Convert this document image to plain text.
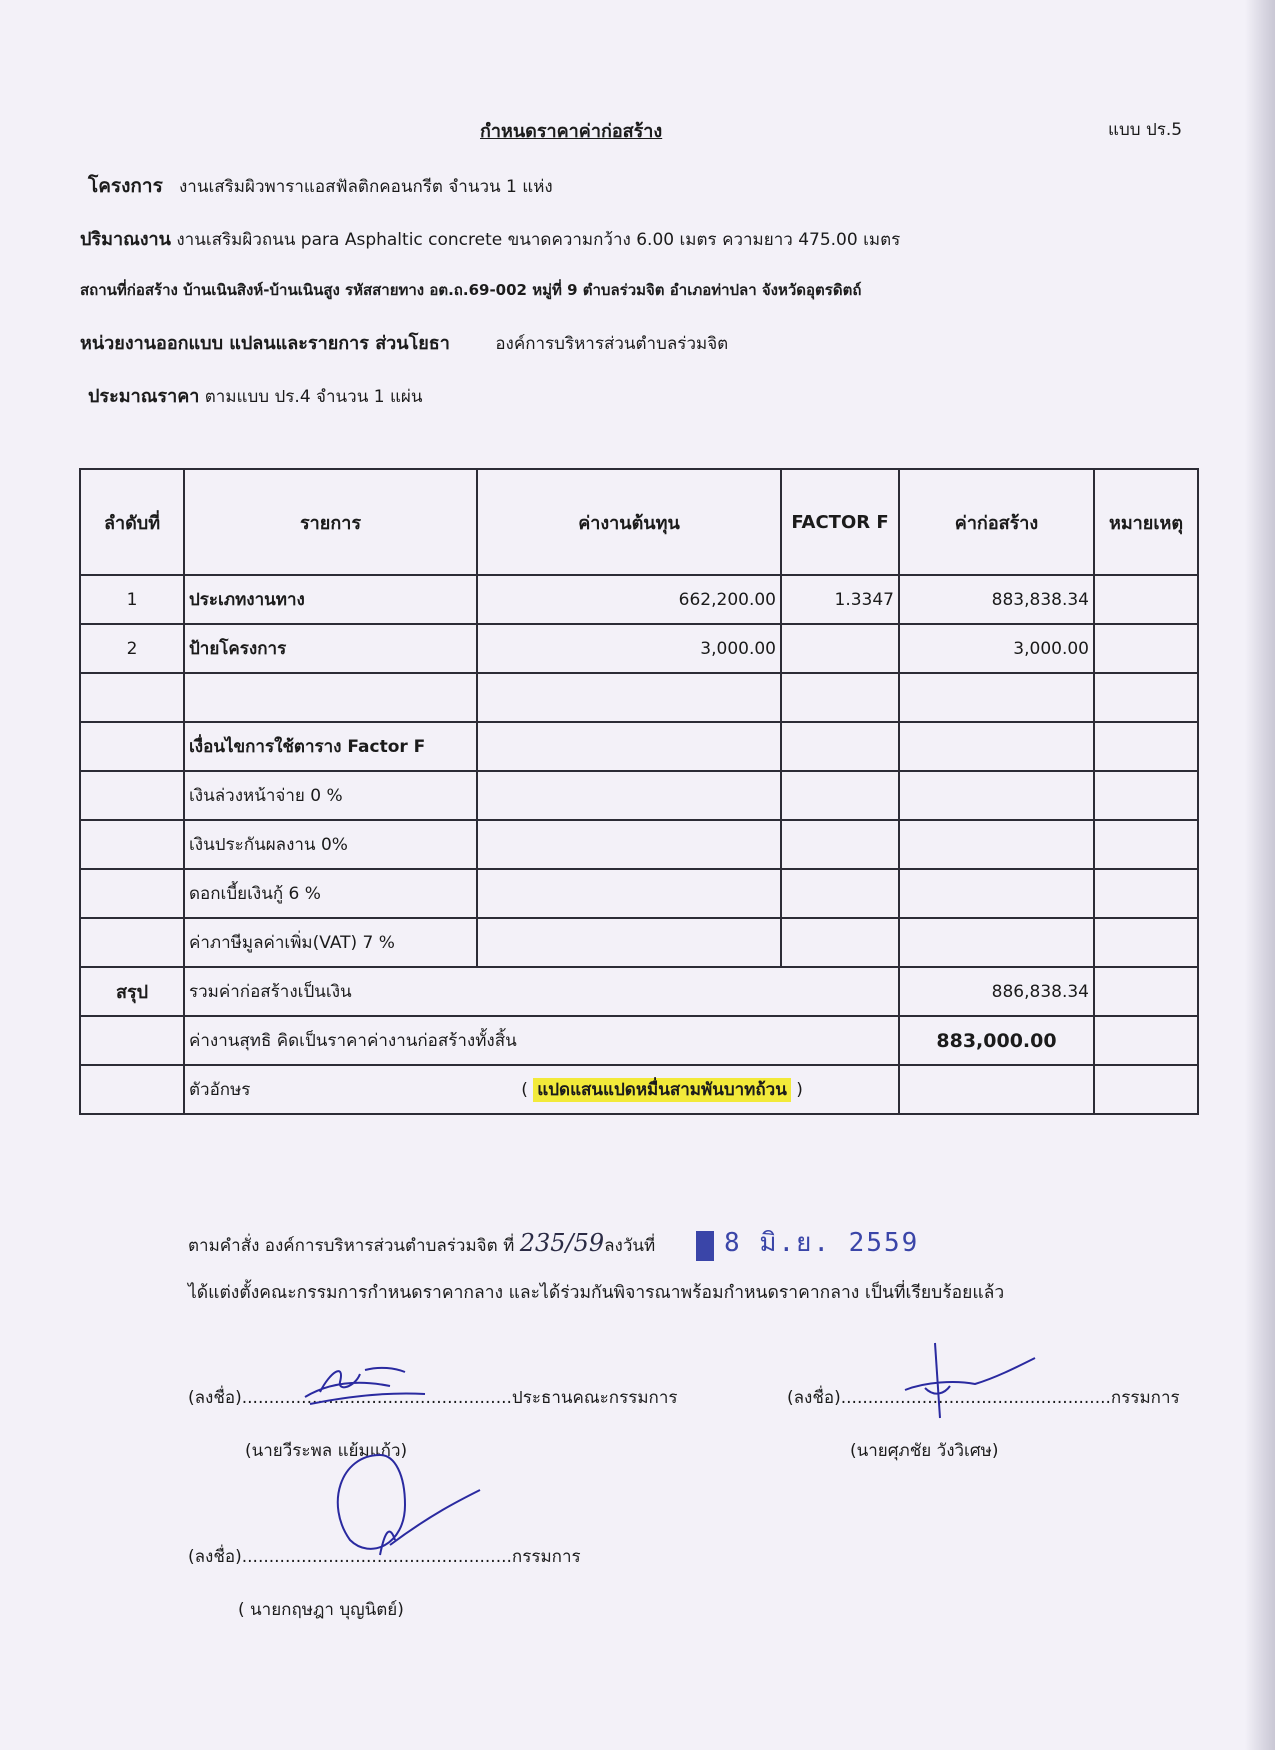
กำหนดราคาค่าก่อสร้าง	แบบ ปร.5
โครงการ งานเสริมผิวพาราแอสฟัลติกคอนกรีต จำนวน 1 แห่ง
ปริมาณงาน งานเสริมผิวถนน para Asphaltic concrete ขนาดความกว้าง 6.00 เมตร ความยาว 475.00 เมตร
สถานที่ก่อสร้าง บ้านเนินสิงห์-บ้านเนินสูง รหัสสายทาง อต.ถ.69-002 หมู่ที่ 9 ตำบลร่วมจิต อำเภอท่าปลา จังหวัดอุตรดิตถ์
หน่วยงานออกแบบ แปลนและรายการ ส่วนโยธา	องค์การบริหารส่วนตำบลร่วมจิต
ประมาณราคา ตามแบบ ปร.4 จำนวน 1 แผ่น
ลำดับที่	รายการ	ค่างานต้นทุน	FACTOR F	ค่าก่อสร้าง	หมายเหตุ
1	ประเภทงานทาง	662,200.00	1.3347	883,838.34	
2	ป้ายโครงการ	3,000.00		3,000.00	

	เงื่อนไขการใช้ตาราง Factor F				
	เงินล่วงหน้าจ่าย 0 %				
	เงินประกันผลงาน 0%				
	ดอกเบี้ยเงินกู้ 6 %				
	ค่าภาษีมูลค่าเพิ่ม(VAT) 7 %				
สรุป	รวมค่าก่อสร้างเป็นเงิน			886,838.34	
	ค่างานสุทธิ คิดเป็นราคาค่างานก่อสร้างทั้งสิ้น			883,000.00	
	ตัวอักษร ( แปดแสนแปดหมื่นสามพันบาทถ้วน )				
ตามคำสั่ง องค์การบริหารส่วนตำบลร่วมจิต ที่ 235/59ลงวันที่	8 มิ.ย. 2559
ได้แต่งตั้งคณะกรรมการกำหนดราคากลาง และได้ร่วมกันพิจารณาพร้อมกำหนดราคากลาง เป็นที่เรียบร้อยแล้ว
(ลงชื่อ)..................................................ประธานคณะกรรมการ
(นายวีระพล แย้มแก้ว)
(ลงชื่อ)..................................................กรรมการ
(นายศุภชัย วังวิเศษ)
(ลงชื่อ)..................................................กรรมการ
( นายกฤษฎา บุญนิตย์)
